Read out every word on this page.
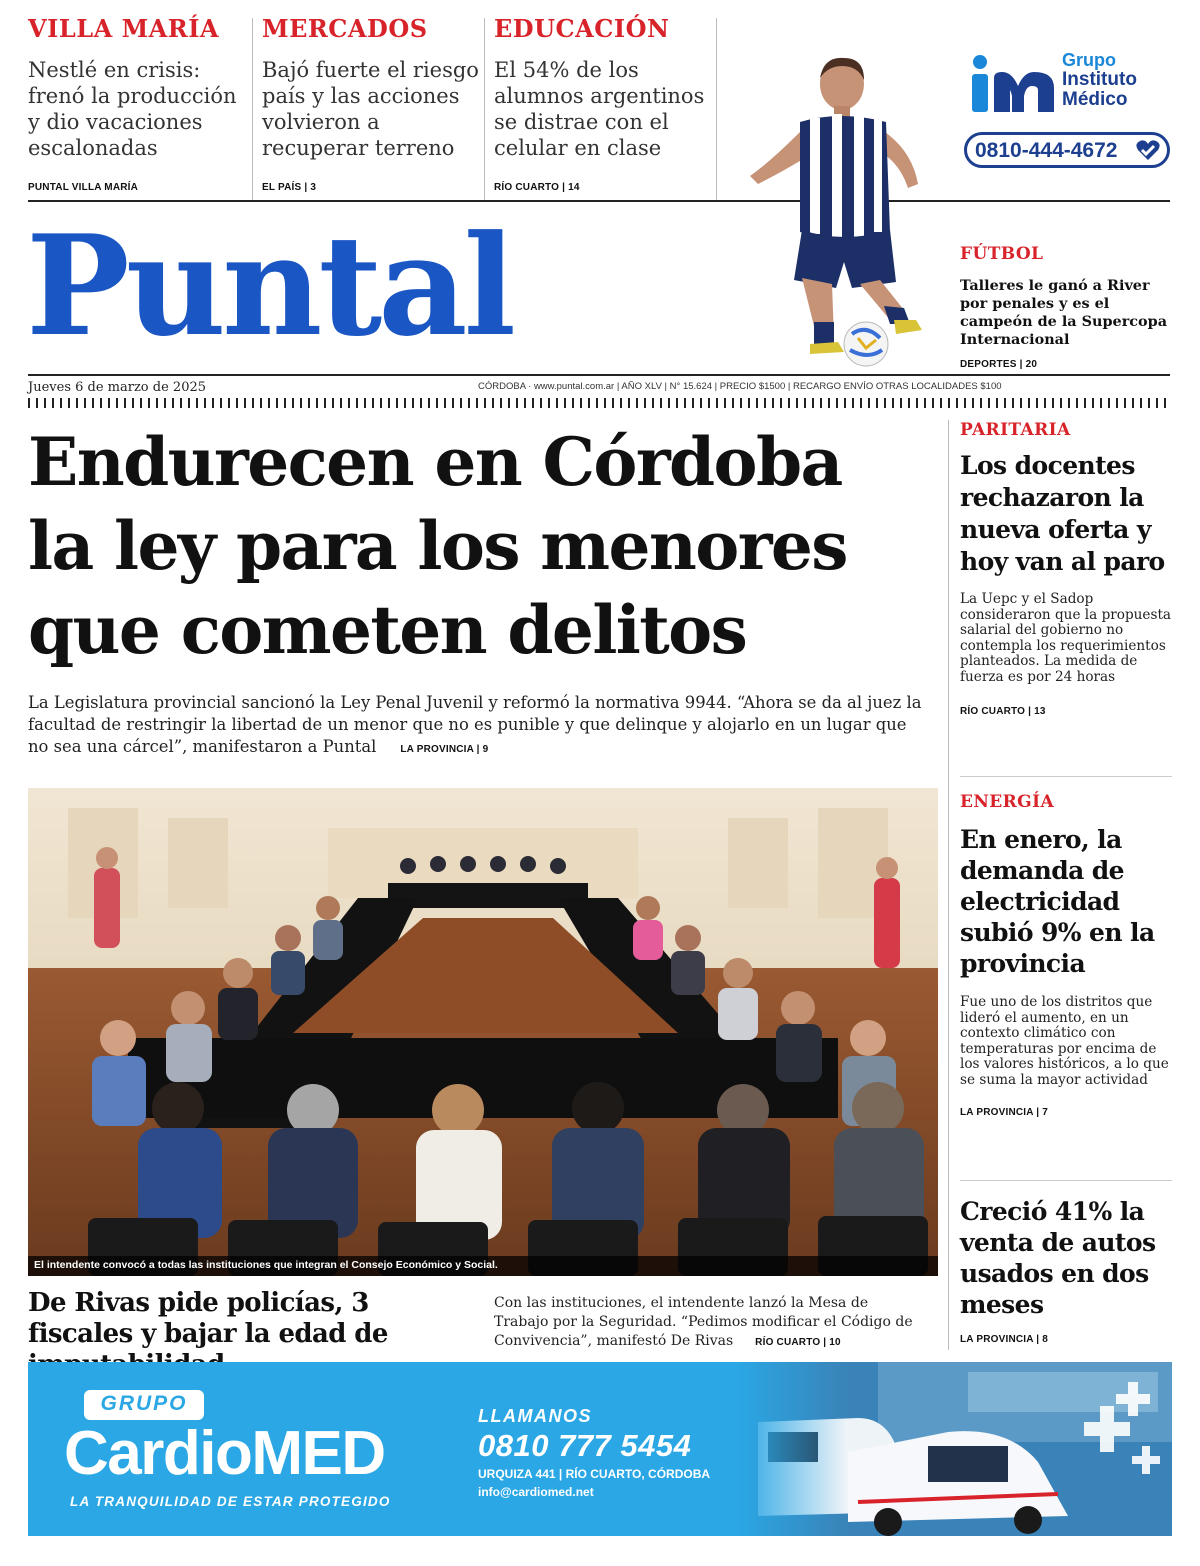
VILLA MARÍA
Nestlé en crisis: frenó la producción y dio vacaciones escalonadas
PUNTAL VILLA MARÍA
MERCADOS
Bajó fuerte el riesgo país y las acciones volvieron a recuperar terreno
EL PAÍS | 3
EDUCACIÓN
El 54% de los alumnos argentinos se distrae con el celular en clase
RÍO CUARTO | 14
Grupo
Instituto
Médico
0810-444-4672
Puntal	FÚTBOL
Talleres le ganó a River por penales y es el campeón de la Supercopa Internacional
DEPORTES | 20
Jueves 6 de marzo de 2025	CÓRDOBA · www.puntal.com.ar | AÑO XLV | N° 15.624 | PRECIO $1500 | RECARGO ENVÍO OTRAS LOCALIDADES $100
Endurecen en Córdoba
la ley para los menores
que cometen delitos
La Legislatura provincial sancionó la Ley Penal Juvenil y reformó la normativa 9944. “Ahora se da al juez la facultad de restringir la libertad de un menor que no es punible y que delinque y alojarlo en un lugar que no sea una cárcel”, manifestaron a Puntal LA PROVINCIA | 9
El intendente convocó a todas las instituciones que integran el Consejo Económico y Social.
De Rivas pide policías, 3 fiscales y bajar la edad de
Con las instituciones, el intendente lanzó la Mesa de Trabajo por la Seguridad. “Pedimos modificar el Código de Convivencia”, manifestó De Rivas RÍO CUARTO | 10
PARITARIA
Los docentes rechazaron la nueva oferta y hoy van al paro
La Uepc y el Sadop consideraron que la propuesta salarial del gobierno no contempla los requerimientos planteados. La medida de fuerza es por 24 horas
RÍO CUARTO | 13
ENERGÍA
En enero, la demanda de electricidad subió 9% en la provincia
Fue uno de los distritos que lideró el aumento, en un contexto climático con temperaturas por encima de los valores históricos, a lo que se suma la mayor actividad
LA PROVINCIA | 7
Creció 41% la venta de autos usados en dos meses
LA PROVINCIA | 8
GRUPO
CardioMED
LA TRANQUILIDAD DE ESTAR PROTEGIDO
LLAMANOS
0810 777 5454
URQUIZA 441 | RÍO CUARTO, CÓRDOBA
info@cardiomed.net
